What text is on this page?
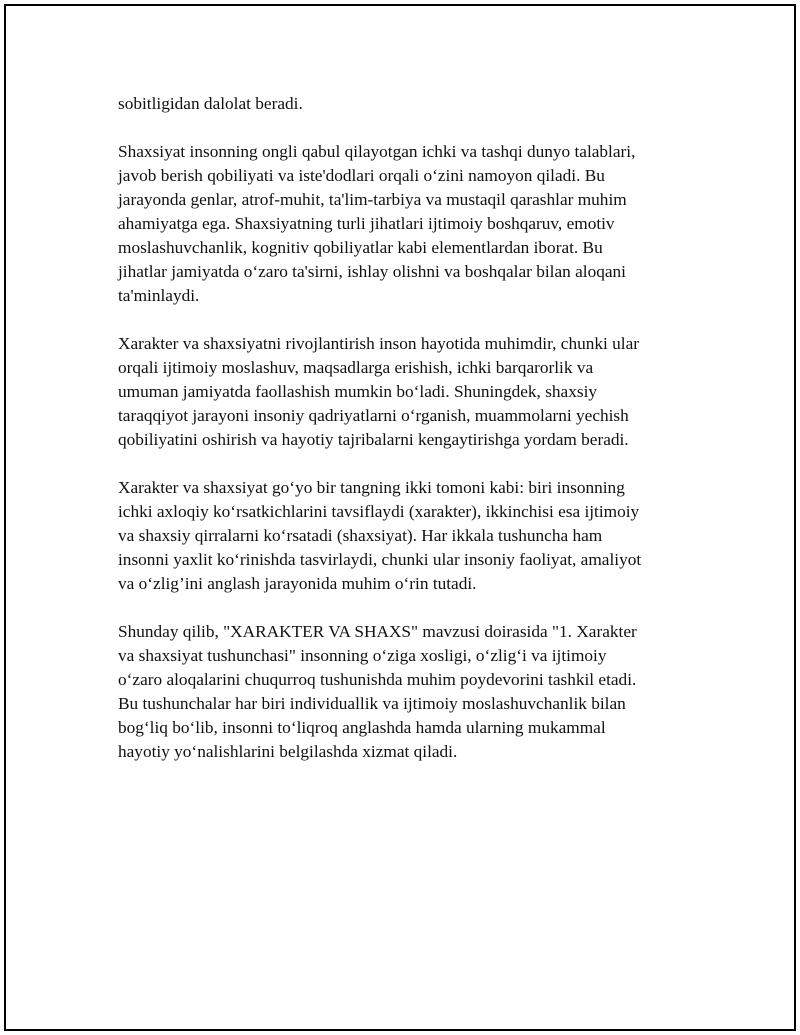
sobitligidan dalolat beradi.

Shaxsiyat insonning ongli qabul qilayotgan ichki va tashqi dunyo talablari,
javob berish qobiliyati va iste'dodlari orqali o‘zini namoyon qiladi. Bu
jarayonda genlar, atrof-muhit, ta'lim-tarbiya va mustaqil qarashlar muhim
ahamiyatga ega. Shaxsiyatning turli jihatlari ijtimoiy boshqaruv, emotiv
moslashuvchanlik, kognitiv qobiliyatlar kabi elementlardan iborat. Bu
jihatlar jamiyatda o‘zaro ta'sirni, ishlay olishni va boshqalar bilan aloqani
ta'minlaydi.

Xarakter va shaxsiyatni rivojlantirish inson hayotida muhimdir, chunki ular
orqali ijtimoiy moslashuv, maqsadlarga erishish, ichki barqarorlik va
umuman jamiyatda faollashish mumkin bo‘ladi. Shuningdek, shaxsiy
taraqqiyot jarayoni insoniy qadriyatlarni o‘rganish, muammolarni yechish
qobiliyatini oshirish va hayotiy tajribalarni kengaytirishga yordam beradi.

Xarakter va shaxsiyat go‘yo bir tangning ikki tomoni kabi: biri insonning
ichki axloqiy ko‘rsatkichlarini tavsiflaydi (xarakter), ikkinchisi esa ijtimoiy
va shaxsiy qirralarni ko‘rsatadi (shaxsiyat). Har ikkala tushuncha ham
insonni yaxlit ko‘rinishda tasvirlaydi, chunki ular insoniy faoliyat, amaliyot
va o‘zlig’ini anglash jarayonida muhim o‘rin tutadi.

Shunday qilib, "XARAKTER VA SHAXS" mavzusi doirasida "1. Xarakter
va shaxsiyat tushunchasi" insonning o‘ziga xosligi, o‘zlig‘i va ijtimoiy
o‘zaro aloqalarini chuqurroq tushunishda muhim poydevorini tashkil etadi.
Bu tushunchalar har biri individuallik va ijtimoiy moslashuvchanlik bilan
bog‘liq bo‘lib, insonni to‘liqroq anglashda hamda ularning mukammal
hayotiy yo‘nalishlarini belgilashda xizmat qiladi.
